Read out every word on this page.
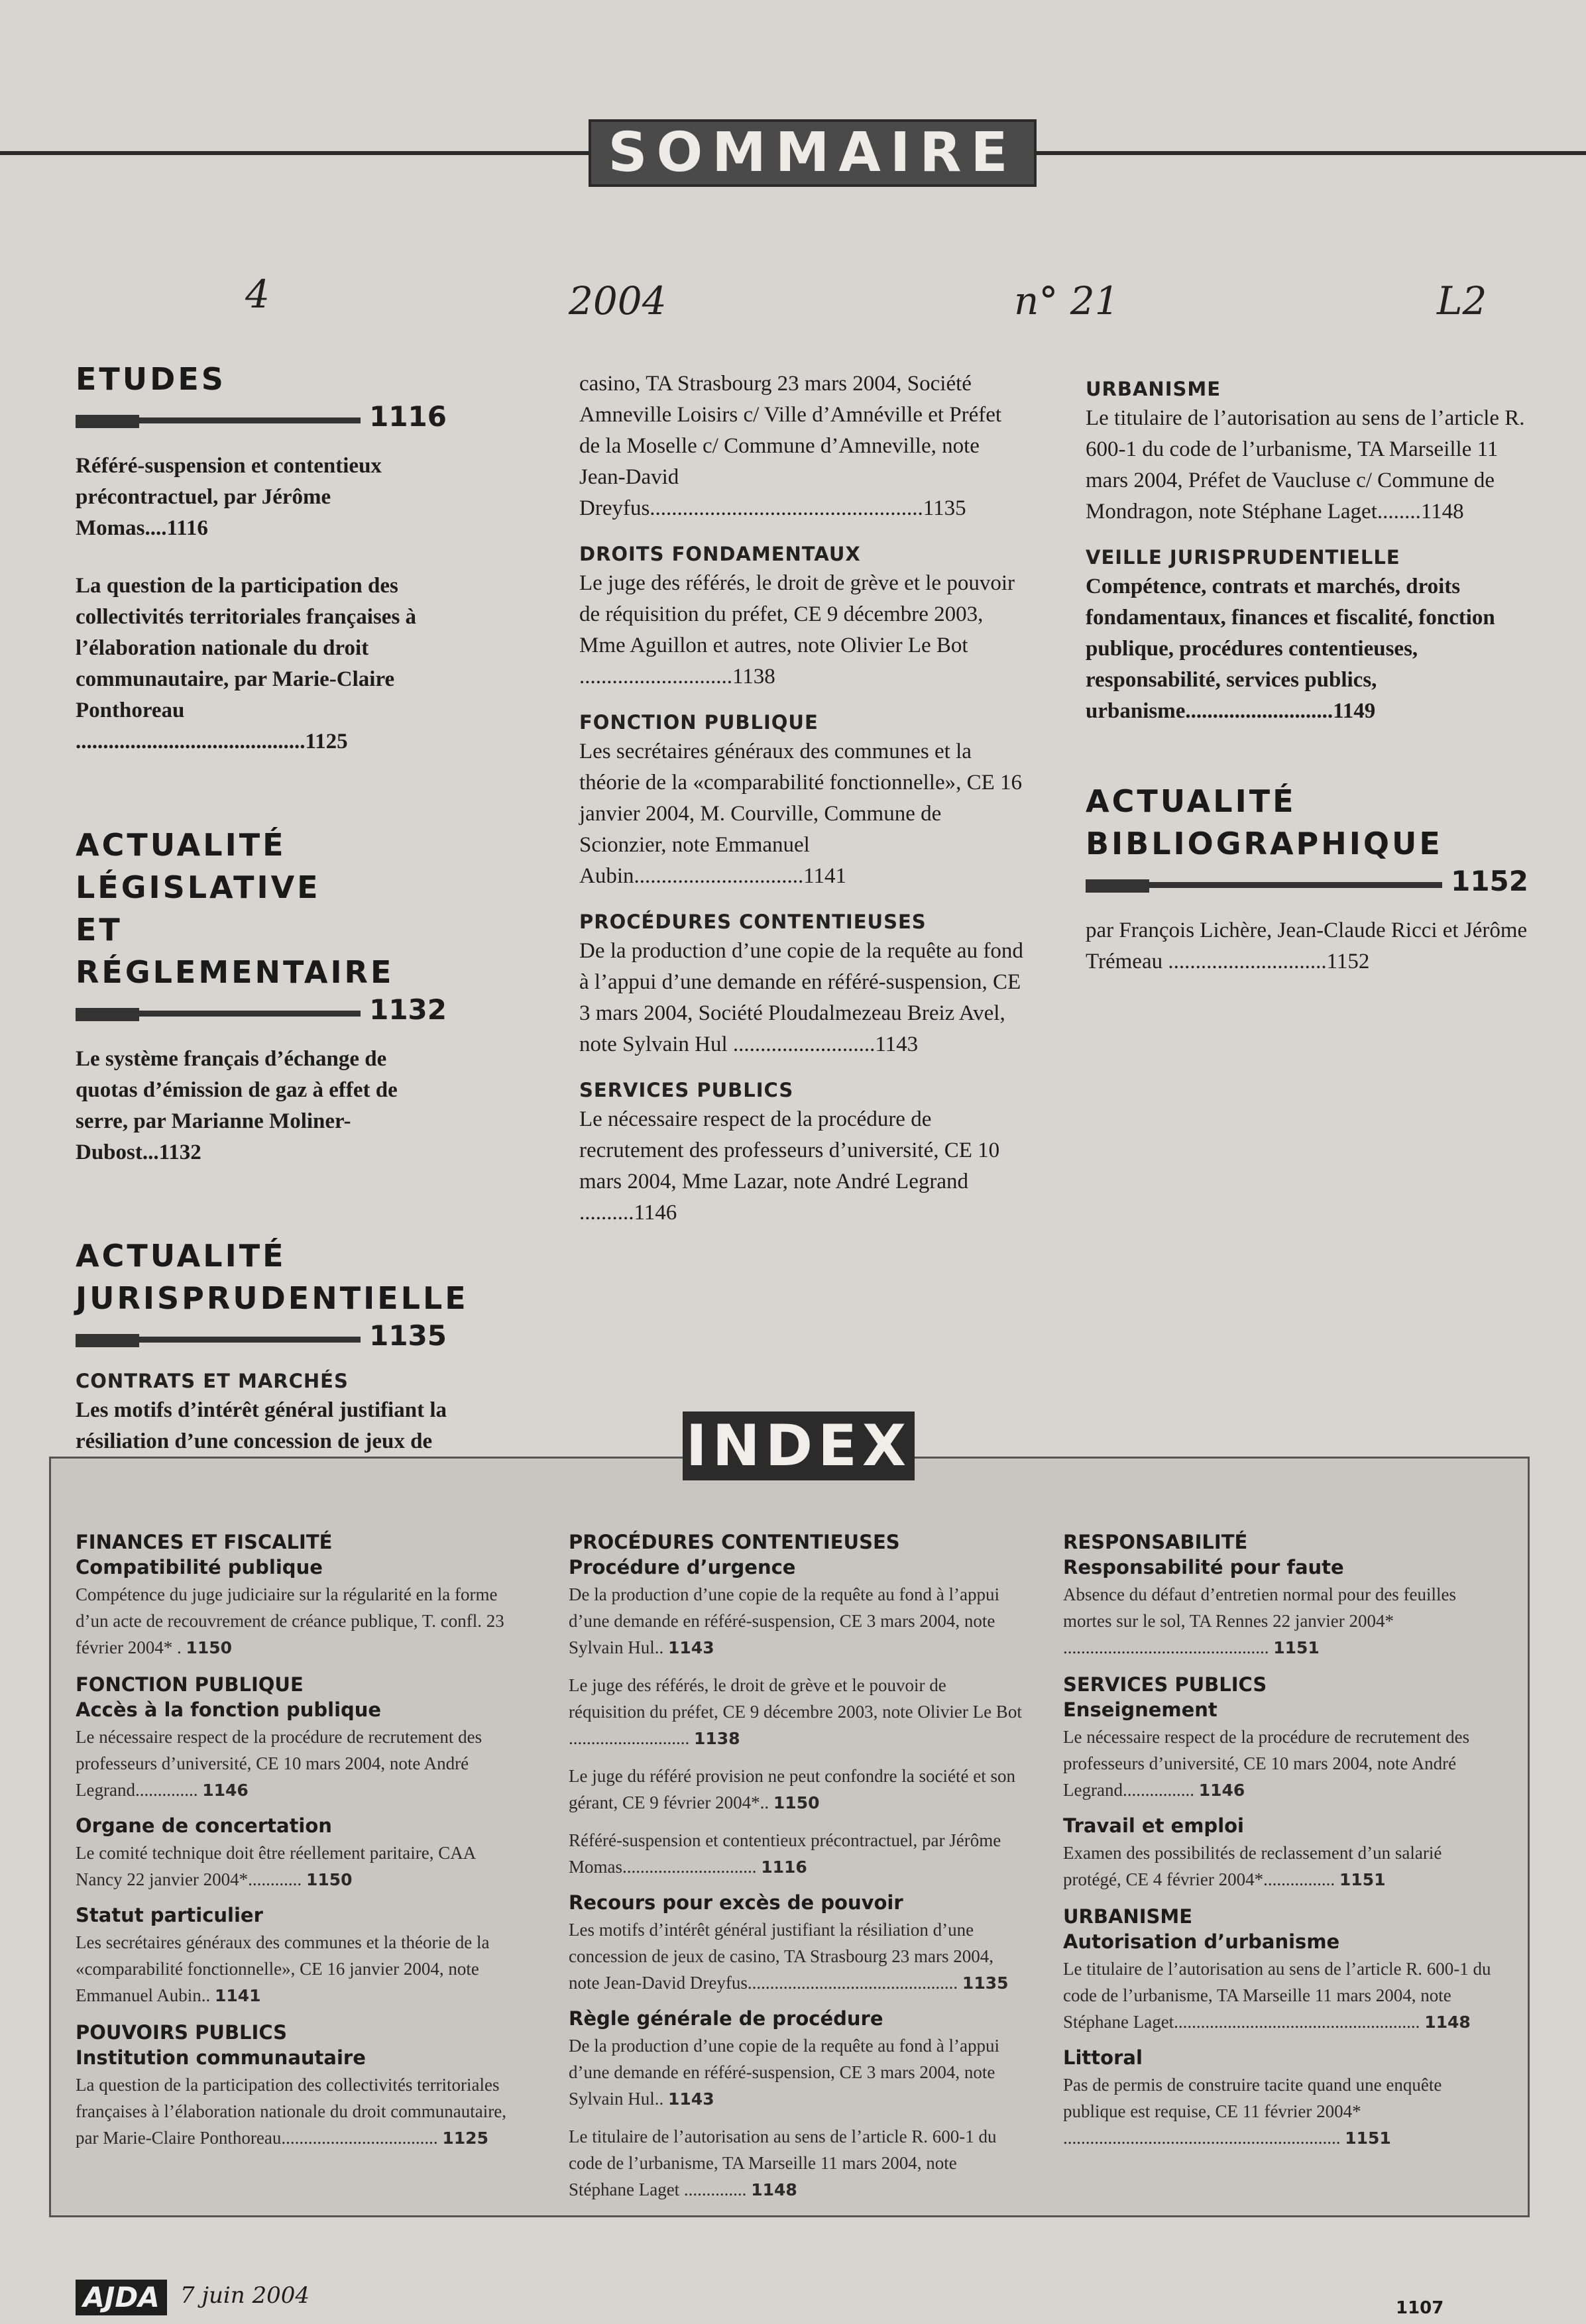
SOMMAIRE
4	2004	n° 21	L2
ETUDES
1116

Référé-suspension et contentieux précontractuel, par Jérôme Momas....1116

La question de la participation des collectivités territoriales françaises à l’élaboration nationale du droit communautaire, par Marie-Claire Ponthoreau ..........................................1125

ACTUALITÉ LÉGISLATIVE
ET RÉGLEMENTAIRE
1132

Le système français d’échange de quotas d’émission de gaz à effet de serre, par Marianne Moliner-Dubost...1132

ACTUALITÉ
JURISPRUDENTIELLE
1135
CONTRATS ET MARCHÉS

Les motifs d’intérêt général justifiant la résiliation d’une concession de jeux de

casino, TA Strasbourg 23 mars 2004, Société Amneville Loisirs c/ Ville d’Amnéville et Préfet de la Moselle c/ Commune d’Amneville, note Jean-David Dreyfus..................................................1135

DROITS FONDAMENTAUX

Le juge des référés, le droit de grève et le pouvoir de réquisition du préfet, CE 9 décembre 2003, Mme Aguillon et autres, note Olivier Le Bot ............................1138

FONCTION PUBLIQUE

Les secrétaires généraux des communes et la théorie de la «comparabilité fonctionnelle», CE 16 janvier 2004, M. Courville, Commune de Scionzier, note Emmanuel Aubin...............................1141

PROCÉDURES CONTENTIEUSES

De la production d’une copie de la requête au fond à l’appui d’une demande en référé-suspension, CE 3 mars 2004, Société Ploudalmezeau Breiz Avel, note Sylvain Hul ..........................1143

SERVICES PUBLICS

Le nécessaire respect de la procédure de recrutement des professeurs d’université, CE 10 mars 2004, Mme Lazar, note André Legrand ..........1146

URBANISME

Le titulaire de l’autorisation au sens de l’article R. 600-1 du code de l’urbanisme, TA Marseille 11 mars 2004, Préfet de Vaucluse c/ Commune de Mondragon, note Stéphane Laget........1148

VEILLE JURISPRUDENTIELLE

Compétence, contrats et marchés, droits fondamentaux, finances et fiscalité, fonction publique, procédures contentieuses, responsabilité, services publics, urbanisme...........................1149

ACTUALITÉ
BIBLIOGRAPHIQUE
1152

par François Lichère, Jean-Claude Ricci et Jérôme Trémeau .............................1152

INDEX
FINANCES ET FISCALITÉ
Compatibilité publique

Compétence du juge judiciaire sur la régularité en la forme d’un acte de recouvrement de créance publique, T. confl. 23 février 2004* . 1150

FONCTION PUBLIQUE
Accès à la fonction publique

Le nécessaire respect de la procédure de recrutement des professeurs d’université, CE 10 mars 2004, note André Legrand.............. 1146

Organe de concertation

Le comité technique doit être réellement paritaire, CAA Nancy 22 janvier 2004*............ 1150

Statut particulier

Les secrétaires généraux des communes et la théorie de la «comparabilité fonctionnelle», CE 16 janvier 2004, note Emmanuel Aubin.. 1141

POUVOIRS PUBLICS
Institution communautaire

La question de la participation des collectivités territoriales françaises à l’élaboration nationale du droit communautaire, par Marie-Claire Ponthoreau................................... 1125

PROCÉDURES CONTENTIEUSES
Procédure d’urgence

De la production d’une copie de la requête au fond à l’appui d’une demande en référé-suspension, CE 3 mars 2004, note Sylvain Hul.. 1143

Le juge des référés, le droit de grève et le pouvoir de réquisition du préfet, CE 9 décembre 2003, note Olivier Le Bot ........................... 1138

Le juge du référé provision ne peut confondre la société et son gérant, CE 9 février 2004*.. 1150

Référé-suspension et contentieux précontractuel, par Jérôme Momas.............................. 1116

Recours pour excès de pouvoir

Les motifs d’intérêt général justifiant la résiliation d’une concession de jeux de casino, TA Strasbourg 23 mars 2004, note Jean-David Dreyfus............................................... 1135

Règle générale de procédure

De la production d’une copie de la requête au fond à l’appui d’une demande en référé-suspension, CE 3 mars 2004, note Sylvain Hul.. 1143

Le titulaire de l’autorisation au sens de l’article R. 600-1 du code de l’urbanisme, TA Marseille 11 mars 2004, note Stéphane Laget .............. 1148

RESPONSABILITÉ
Responsabilité pour faute

Absence du défaut d’entretien normal pour des feuilles mortes sur le sol, TA Rennes 22 janvier 2004* .............................................. 1151

SERVICES PUBLICS
Enseignement

Le nécessaire respect de la procédure de recrutement des professeurs d’université, CE 10 mars 2004, note André Legrand................ 1146

Travail et emploi

Examen des possibilités de reclassement d’un salarié protégé, CE 4 février 2004*................ 1151

URBANISME
Autorisation d’urbanisme

Le titulaire de l’autorisation au sens de l’article R. 600-1 du code de l’urbanisme, TA Marseille 11 mars 2004, note Stéphane Laget....................................................... 1148

Littoral

Pas de permis de construire tacite quand une enquête publique est requise, CE 11 février 2004* .............................................................. 1151

AJDA 7 juin 2004	1107
